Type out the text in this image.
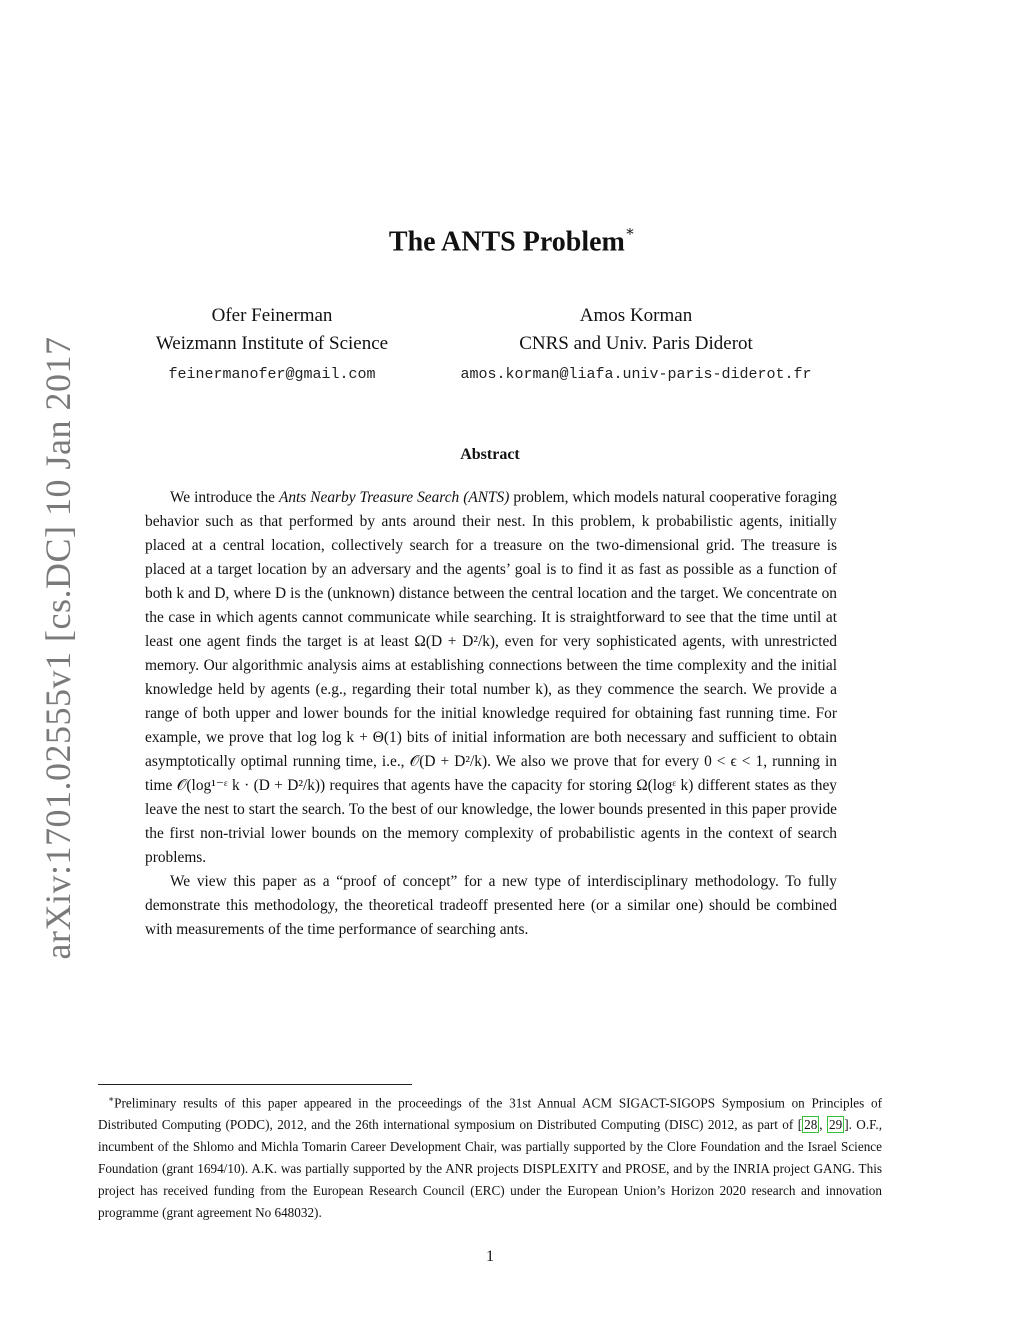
arXiv:1701.02555v1 [cs.DC] 10 Jan 2017
The ANTS Problem∗
Ofer Feinerman
Weizmann Institute of Science
feinermanofer@gmail.com
Amos Korman
CNRS and Univ. Paris Diderot
amos.korman@liafa.univ-paris-diderot.fr
Abstract

We introduce the Ants Nearby Treasure Search (ANTS) problem, which models natural cooperative foraging behavior such as that performed by ants around their nest. In this problem, k probabilistic agents, initially placed at a central location, collectively search for a treasure on the two-dimensional grid. The treasure is placed at a target location by an adversary and the agents’ goal is to find it as fast as possible as a function of both k and D, where D is the (unknown) distance between the central location and the target. We concentrate on the case in which agents cannot communicate while searching. It is straightforward to see that the time until at least one agent finds the target is at least Ω(D + D²/k), even for very sophisticated agents, with unrestricted memory. Our algorithmic analysis aims at establishing connections between the time complexity and the initial knowledge held by agents (e.g., regarding their total number k), as they commence the search. We provide a range of both upper and lower bounds for the initial knowledge required for obtaining fast running time. For example, we prove that log log k + Θ(1) bits of initial information are both necessary and sufficient to obtain asymptotically optimal running time, i.e., 𝒪(D + D²/k). We also we prove that for every 0 < ϵ < 1, running in time 𝒪(log¹⁻ᵋ k · (D + D²/k)) requires that agents have the capacity for storing Ω(logᵋ k) different states as they leave the nest to start the search. To the best of our knowledge, the lower bounds presented in this paper provide the first non-trivial lower bounds on the memory complexity of probabilistic agents in the context of search problems.

We view this paper as a “proof of concept” for a new type of interdisciplinary methodology. To fully demonstrate this methodology, the theoretical tradeoff presented here (or a similar one) should be combined with measurements of the time performance of searching ants.

∗Preliminary results of this paper appeared in the proceedings of the 31st Annual ACM SIGACT-SIGOPS Symposium on Principles of Distributed Computing (PODC), 2012, and the 26th international symposium on Distributed Computing (DISC) 2012, as part of [ 28 , 29 ]. O.F., incumbent of the Shlomo and Michla Tomarin Career Development Chair, was partially supported by the Clore Foundation and the Israel Science Foundation (grant 1694/10). A.K. was partially supported by the ANR projects DISPLEXITY and PROSE, and by the INRIA project GANG. This project has received funding from the European Research Council (ERC) under the European Union’s Horizon 2020 research and innovation programme (grant agreement No 648032).

1
